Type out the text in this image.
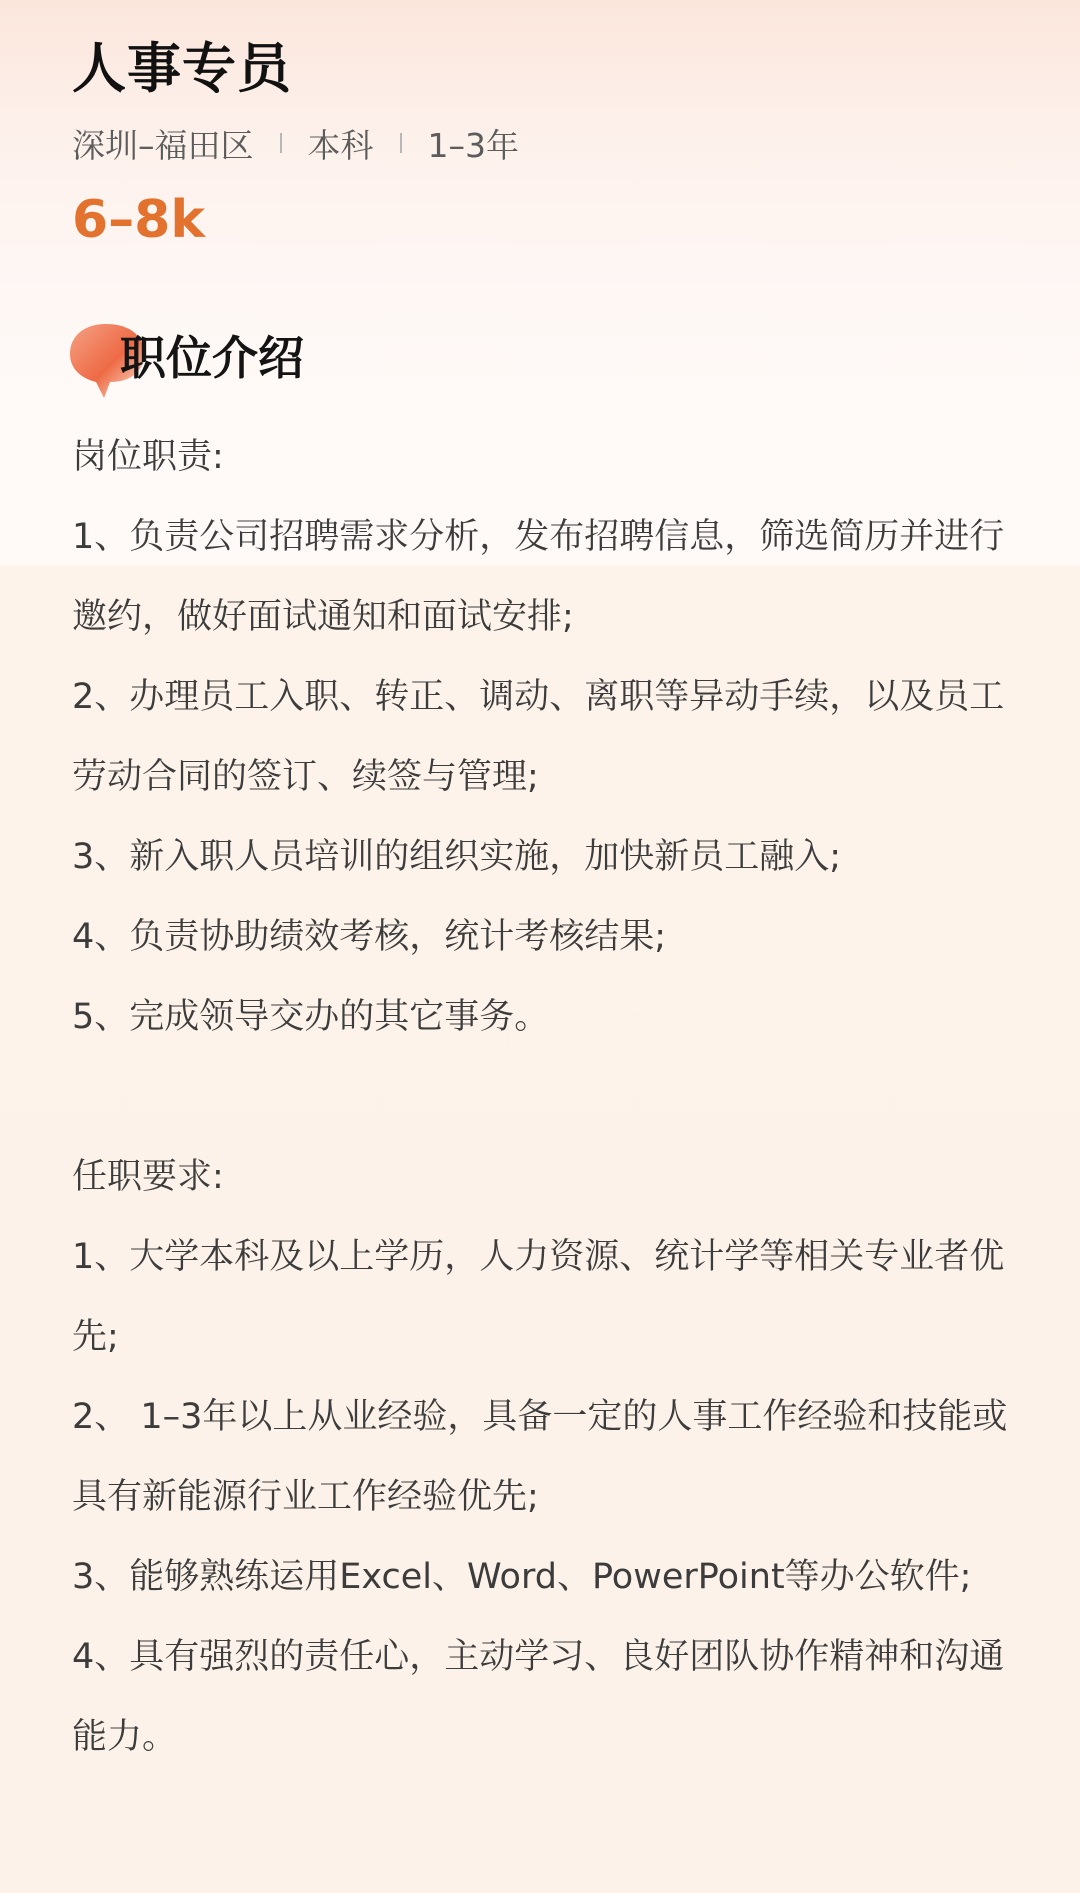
人事专员
深圳–福田区 本科 1–3年
6–8k
职位介绍

岗位职责:

1、负责公司招聘需求分析，发布招聘信息，筛选简历并进行邀约，做好面试通知和面试安排;

2、办理员工入职、转正、调动、离职等异动手续，以及员工劳动合同的签订、续签与管理;

3、新入职人员培训的组织实施，加快新员工融入;

4、负责协助绩效考核，统计考核结果;

5、完成领导交办的其它事务。

任职要求:

1、大学本科及以上学历，人力资源、统计学等相关专业者优先;

2、 1–3年以上从业经验，具备一定的人事工作经验和技能或具有新能源行业工作经验优先;

3、能够熟练运用Excel、Word、PowerPoint等办公软件;

4、具有强烈的责任心，主动学习、良好团队协作精神和沟通能力。
